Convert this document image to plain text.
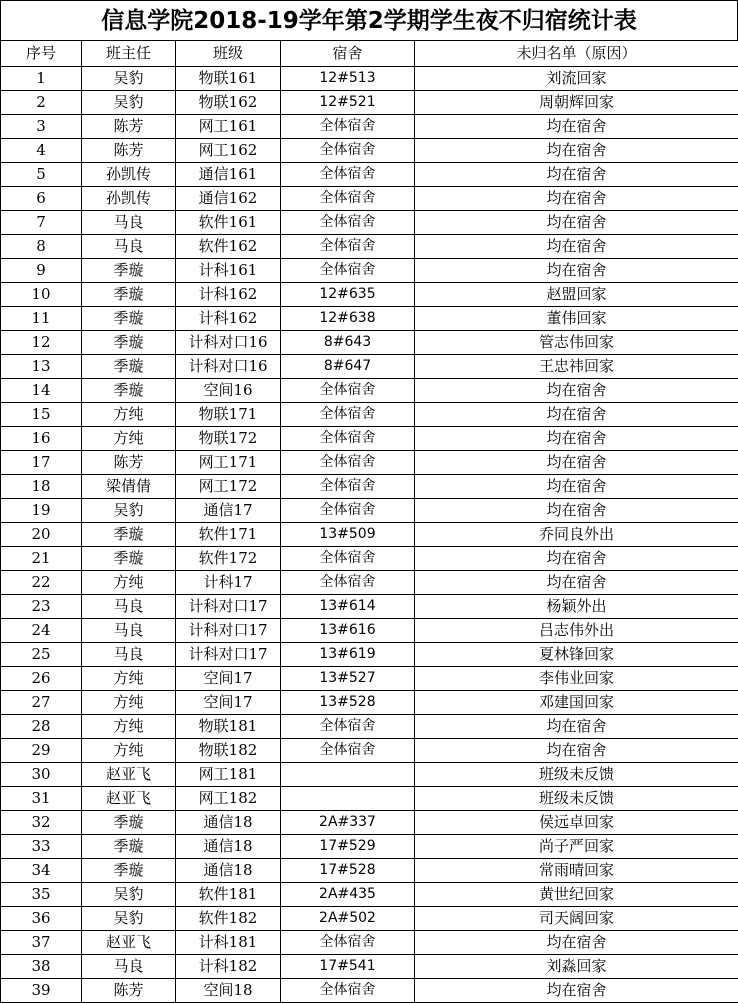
信息学院2018-19学年第2学期学生夜不归宿统计表
序号	班主任	班级	宿舍	未归名单（原因）
1	吴豹	物联161	12#513	刘流回家
2	吴豹	物联162	12#521	周朝辉回家
3	陈芳	网工161	全体宿舍	均在宿舍
4	陈芳	网工162	全体宿舍	均在宿舍
5	孙凯传	通信161	全体宿舍	均在宿舍
6	孙凯传	通信162	全体宿舍	均在宿舍
7	马良	软件161	全体宿舍	均在宿舍
8	马良	软件162	全体宿舍	均在宿舍
9	季璇	计科161	全体宿舍	均在宿舍
10	季璇	计科162	12#635	赵盟回家
11	季璇	计科162	12#638	董伟回家
12	季璇	计科对口16	8#643	管志伟回家
13	季璇	计科对口16	8#647	王忠祎回家
14	季璇	空间16	全体宿舍	均在宿舍
15	方纯	物联171	全体宿舍	均在宿舍
16	方纯	物联172	全体宿舍	均在宿舍
17	陈芳	网工171	全体宿舍	均在宿舍
18	梁倩倩	网工172	全体宿舍	均在宿舍
19	吴豹	通信17	全体宿舍	均在宿舍
20	季璇	软件171	13#509	乔同良外出
21	季璇	软件172	全体宿舍	均在宿舍
22	方纯	计科17	全体宿舍	均在宿舍
23	马良	计科对口17	13#614	杨颖外出
24	马良	计科对口17	13#616	吕志伟外出
25	马良	计科对口17	13#619	夏林锋回家
26	方纯	空间17	13#527	李伟业回家
27	方纯	空间17	13#528	邓建国回家
28	方纯	物联181	全体宿舍	均在宿舍
29	方纯	物联182	全体宿舍	均在宿舍
30	赵亚飞	网工181		班级未反馈
31	赵亚飞	网工182		班级未反馈
32	季璇	通信18	2A#337	侯远卓回家
33	季璇	通信18	17#529	尚子严回家
34	季璇	通信18	17#528	常雨晴回家
35	吴豹	软件181	2A#435	黄世纪回家
36	吴豹	软件182	2A#502	司天阔回家
37	赵亚飞	计科181	全体宿舍	均在宿舍
38	马良	计科182	17#541	刘淼回家
39	陈芳	空间18	全体宿舍	均在宿舍
